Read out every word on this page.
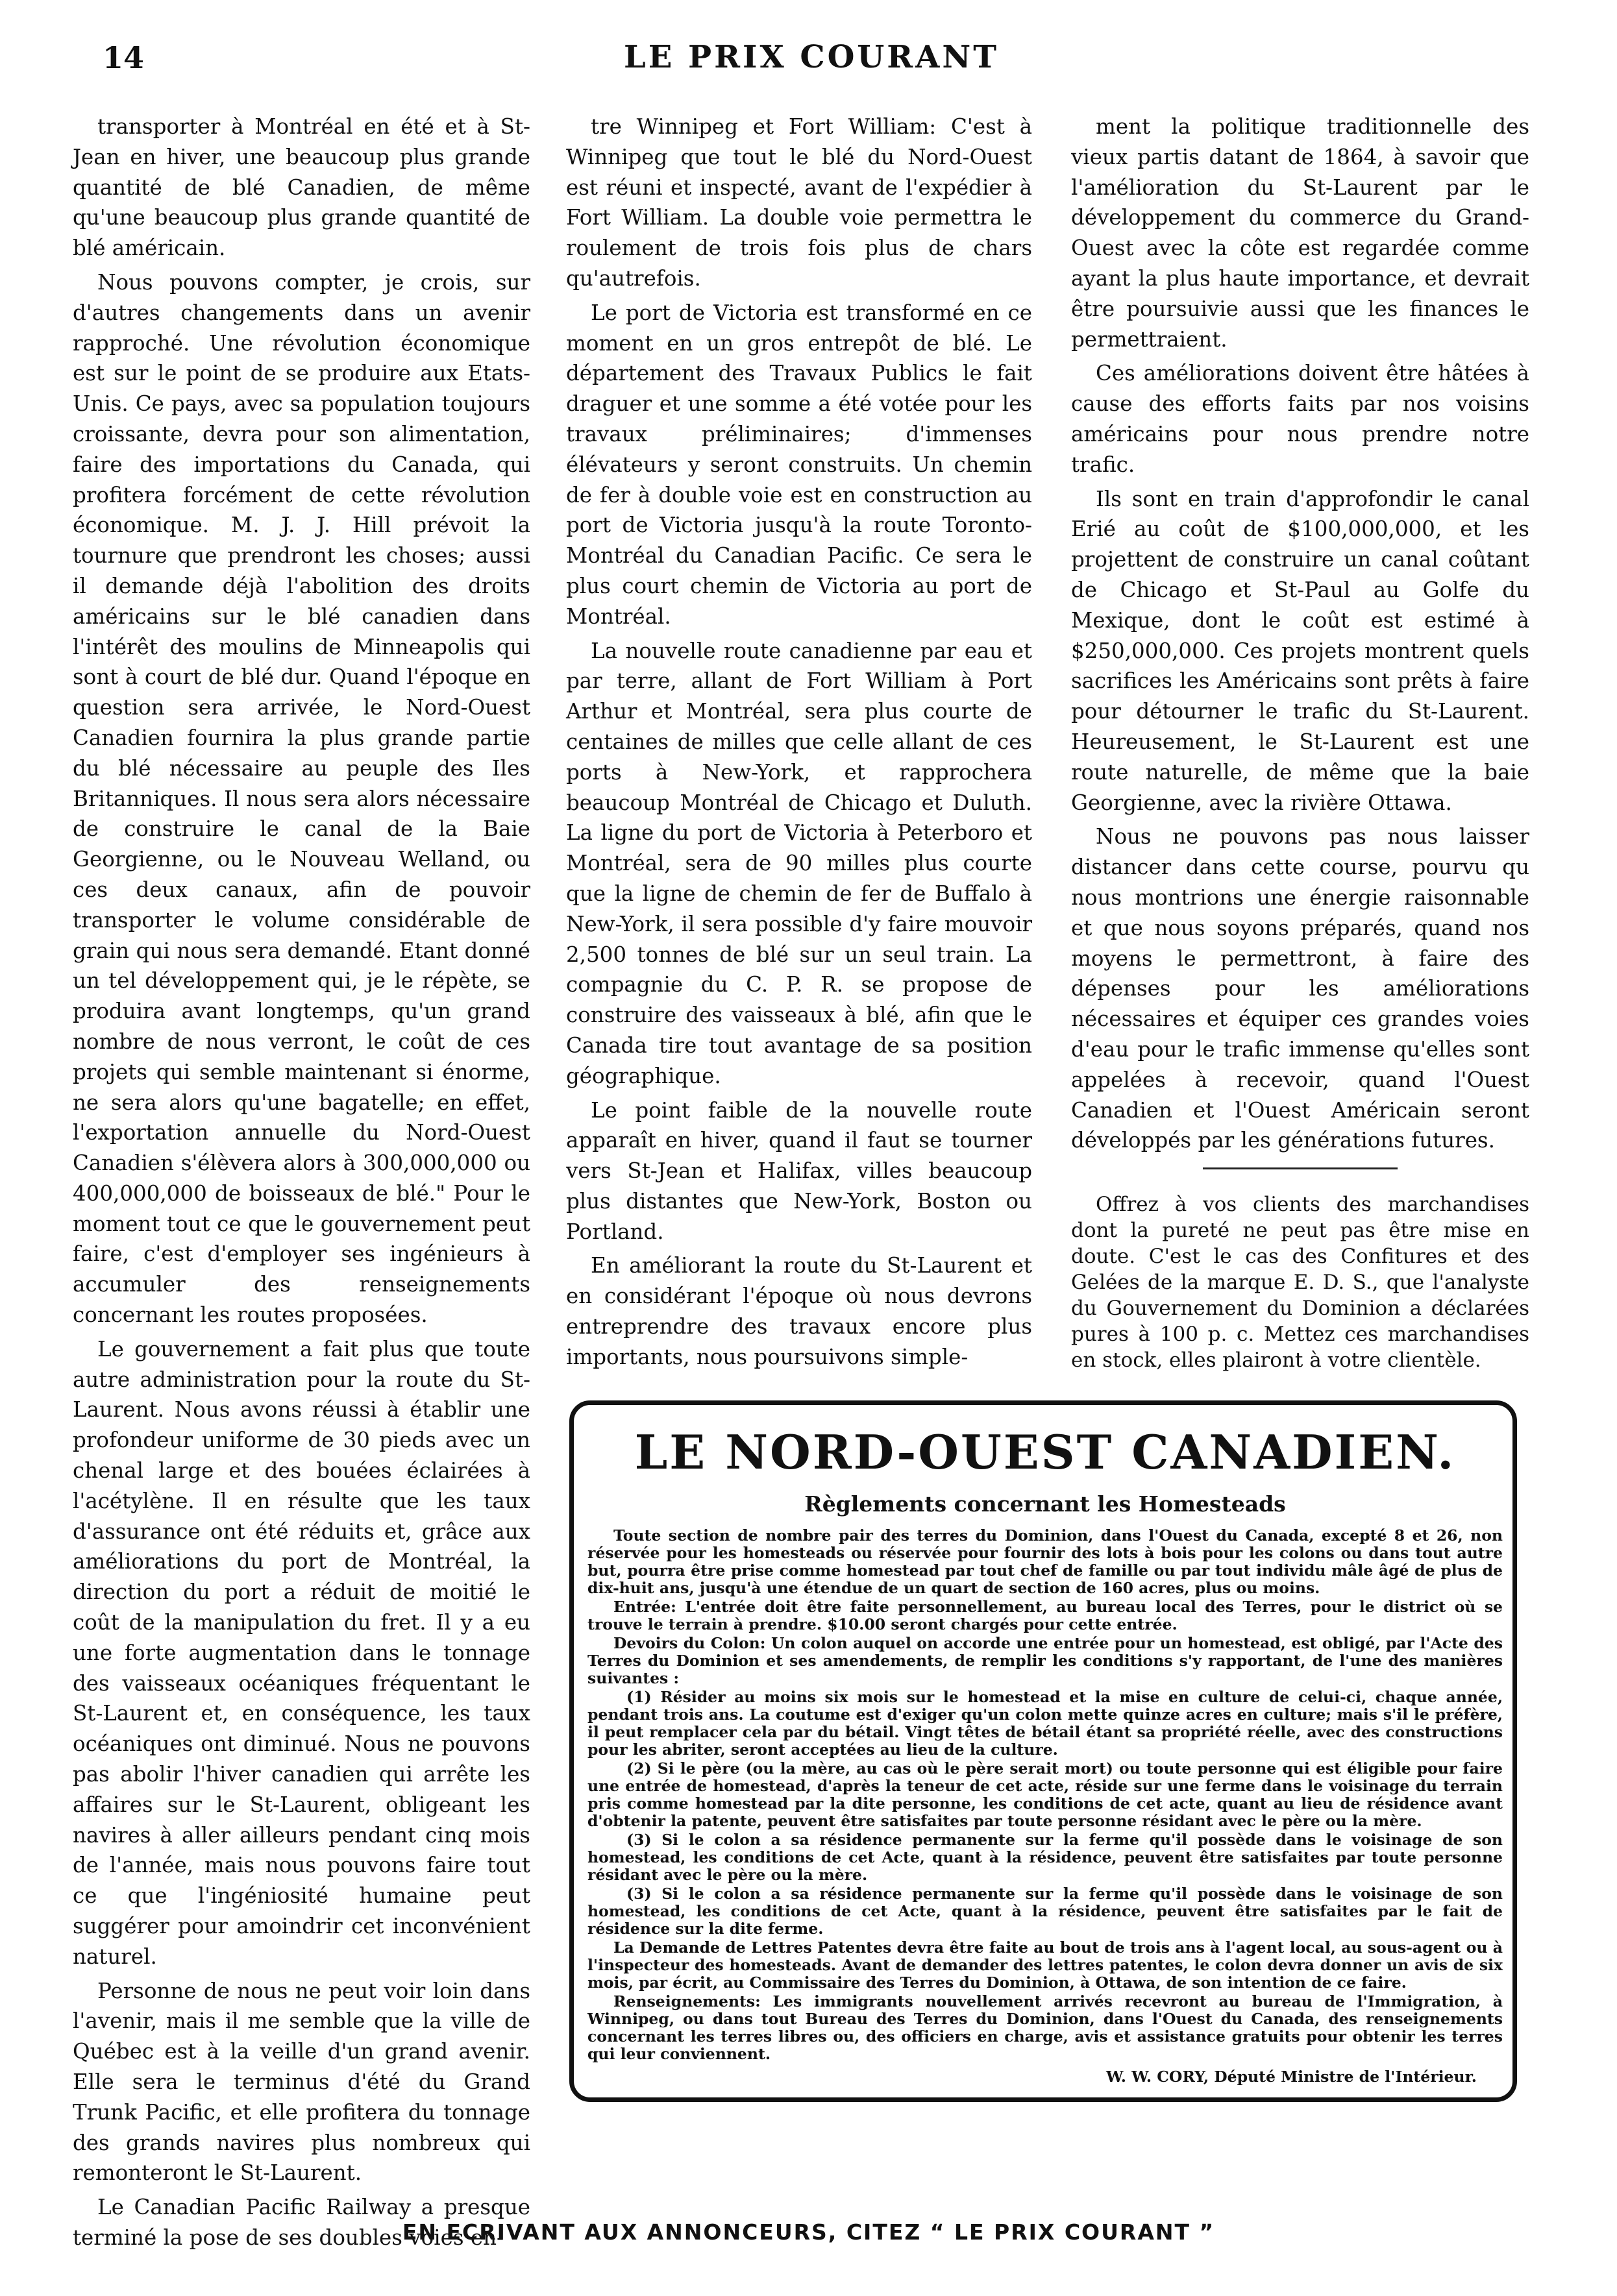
14	LE PRIX COURANT

transporter à Montréal en été et à St-Jean en hiver, une beaucoup plus grande quantité de blé Canadien, de même qu'une beaucoup plus grande quantité de blé américain.

Nous pouvons compter, je crois, sur d'autres changements dans un avenir rapproché. Une révolution économique est sur le point de se produire aux Etats-Unis. Ce pays, avec sa population toujours croissante, devra pour son alimentation, faire des importations du Canada, qui profitera forcément de cette révolution économique. M. J. J. Hill prévoit la tournure que prendront les choses; aussi il demande déjà l'abolition des droits américains sur le blé canadien dans l'intérêt des moulins de Minneapolis qui sont à court de blé dur. Quand l'époque en question sera arrivée, le Nord-Ouest Canadien fournira la plus grande partie du blé nécessaire au peuple des Iles Britanniques. Il nous sera alors nécessaire de construire le canal de la Baie Georgienne, ou le Nouveau Welland, ou ces deux canaux, afin de pouvoir transporter le volume considérable de grain qui nous sera demandé. Etant donné un tel développement qui, je le répète, se produira avant longtemps, qu'un grand nombre de nous verront, le coût de ces projets qui semble maintenant si énorme, ne sera alors qu'une bagatelle; en effet, l'exportation annuelle du Nord-Ouest Canadien s'élèvera alors à 300,000,000 ou 400,000,000 de boisseaux de blé." Pour le moment tout ce que le gouvernement peut faire, c'est d'employer ses ingénieurs à accumuler des renseignements concernant les routes proposées.

Le gouvernement a fait plus que toute autre administration pour la route du St-Laurent. Nous avons réussi à établir une profondeur uniforme de 30 pieds avec un chenal large et des bouées éclairées à l'acétylène. Il en résulte que les taux d'assurance ont été réduits et, grâce aux améliorations du port de Montréal, la direction du port a réduit de moitié le coût de la manipulation du fret. Il y a eu une forte augmentation dans le tonnage des vaisseaux océaniques fréquentant le St-Laurent et, en conséquence, les taux océaniques ont diminué. Nous ne pouvons pas abolir l'hiver canadien qui arrête les affaires sur le St-Laurent, obligeant les navires à aller ailleurs pendant cinq mois de l'année, mais nous pouvons faire tout ce que l'ingéniosité humaine peut suggérer pour amoindrir cet inconvénient naturel.

Personne de nous ne peut voir loin dans l'avenir, mais il me semble que la ville de Québec est à la veille d'un grand avenir. Elle sera le terminus d'été du Grand Trunk Pacific, et elle profitera du tonnage des grands navires plus nombreux qui remonteront le St-Laurent.

Le Canadian Pacific Railway a presque terminé la pose de ses doubles voies en-

tre Winnipeg et Fort William: C'est à Winnipeg que tout le blé du Nord-Ouest est réuni et inspecté, avant de l'expédier à Fort William. La double voie permettra le roulement de trois fois plus de chars qu'autrefois.

Le port de Victoria est transformé en ce moment en un gros entrepôt de blé. Le département des Travaux Publics le fait draguer et une somme a été votée pour les travaux préliminaires; d'immenses élévateurs y seront construits. Un chemin de fer à double voie est en construction au port de Victoria jusqu'à la route Toronto-Montréal du Canadian Pacific. Ce sera le plus court chemin de Victoria au port de Montréal.

La nouvelle route canadienne par eau et par terre, allant de Fort William à Port Arthur et Montréal, sera plus courte de centaines de milles que celle allant de ces ports à New-York, et rapprochera beaucoup Montréal de Chicago et Duluth. La ligne du port de Victoria à Peterboro et Montréal, sera de 90 milles plus courte que la ligne de chemin de fer de Buffalo à New-York, il sera possible d'y faire mouvoir 2,500 tonnes de blé sur un seul train. La compagnie du C. P. R. se propose de construire des vaisseaux à blé, afin que le Canada tire tout avantage de sa position géographique.

Le point faible de la nouvelle route apparaît en hiver, quand il faut se tourner vers St-Jean et Halifax, villes beaucoup plus distantes que New-York, Boston ou Portland.

En améliorant la route du St-Laurent et en considérant l'époque où nous devrons entreprendre des travaux encore plus importants, nous poursuivons simple-

ment la politique traditionnelle des vieux partis datant de 1864, à savoir que l'amélioration du St-Laurent par le développement du commerce du Grand-Ouest avec la côte est regardée comme ayant la plus haute importance, et devrait être poursuivie aussi que les finances le permettraient.

Ces améliorations doivent être hâtées à cause des efforts faits par nos voisins américains pour nous prendre notre trafic.

Ils sont en train d'approfondir le canal Erié au coût de $100,000,000, et les projettent de construire un canal coûtant de Chicago et St-Paul au Golfe du Mexique, dont le coût est estimé à $250,000,000. Ces projets montrent quels sacrifices les Américains sont prêts à faire pour détourner le trafic du St-Laurent. Heureusement, le St-Laurent est une route naturelle, de même que la baie Georgienne, avec la rivière Ottawa.

Nous ne pouvons pas nous laisser distancer dans cette course, pourvu qu nous montrions une énergie raisonnable et que nous soyons préparés, quand nos moyens le permettront, à faire des dépenses pour les améliorations nécessaires et équiper ces grandes voies d'eau pour le trafic immense qu'elles sont appelées à recevoir, quand l'Ouest Canadien et l'Ouest Américain seront développés par les générations futures.

Offrez à vos clients des marchandises dont la pureté ne peut pas être mise en doute. C'est le cas des Confitures et des Gelées de la marque E. D. S., que l'analyste du Gouvernement du Dominion a déclarées pures à 100 p. c. Mettez ces marchandises en stock, elles plairont à votre clientèle.

LE NORD-OUEST CANADIEN.
Règlements concernant les Homesteads

Toute section de nombre pair des terres du Dominion, dans l'Ouest du Canada, excepté 8 et 26, non réservée pour les homesteads ou réservée pour fournir des lots à bois pour les colons ou dans tout autre but, pourra être prise comme homestead par tout chef de famille ou par tout individu mâle âgé de plus de dix-huit ans, jusqu'à une étendue de un quart de section de 160 acres, plus ou moins.

Entrée: L'entrée doit être faite personnellement, au bureau local des Terres, pour le district où se trouve le terrain à prendre. $10.00 seront chargés pour cette entrée.

Devoirs du Colon: Un colon auquel on accorde une entrée pour un homestead, est obligé, par l'Acte des Terres du Dominion et ses amendements, de remplir les conditions s'y rapportant, de l'une des manières suivantes :

(1) Résider au moins six mois sur le homestead et la mise en culture de celui-ci, chaque année, pendant trois ans. La coutume est d'exiger qu'un colon mette quinze acres en culture; mais s'il le préfère, il peut remplacer cela par du bétail. Vingt têtes de bétail étant sa propriété réelle, avec des constructions pour les abriter, seront acceptées au lieu de la culture.

(2) Si le père (ou la mère, au cas où le père serait mort) ou toute personne qui est éligible pour faire une entrée de homestead, d'après la teneur de cet acte, réside sur une ferme dans le voisinage du terrain pris comme homestead par la dite personne, les conditions de cet acte, quant au lieu de résidence avant d'obtenir la patente, peuvent être satisfaites par toute personne résidant avec le père ou la mère.

(3) Si le colon a sa résidence permanente sur la ferme qu'il possède dans le voisinage de son homestead, les conditions de cet Acte, quant à la résidence, peuvent être satisfaites par toute personne résidant avec le père ou la mère.

(3) Si le colon a sa résidence permanente sur la ferme qu'il possède dans le voisinage de son homestead, les conditions de cet Acte, quant à la résidence, peuvent être satisfaites par le fait de résidence sur la dite ferme.

La Demande de Lettres Patentes devra être faite au bout de trois ans à l'agent local, au sous-agent ou à l'inspecteur des homesteads. Avant de demander des lettres patentes, le colon devra donner un avis de six mois, par écrit, au Commissaire des Terres du Dominion, à Ottawa, de son intention de ce faire.

Renseignements: Les immigrants nouvellement arrivés recevront au bureau de l'Immigration, à Winnipeg, ou dans tout Bureau des Terres du Dominion, dans l'Ouest du Canada, des renseignements concernant les terres libres ou, des officiers en charge, avis et assistance gratuits pour obtenir les terres qui leur conviennent.

W. W. CORY, Député Ministre de l'Intérieur.

EN ECRIVANT AUX ANNONCEURS, CITEZ “ LE PRIX COURANT ”
